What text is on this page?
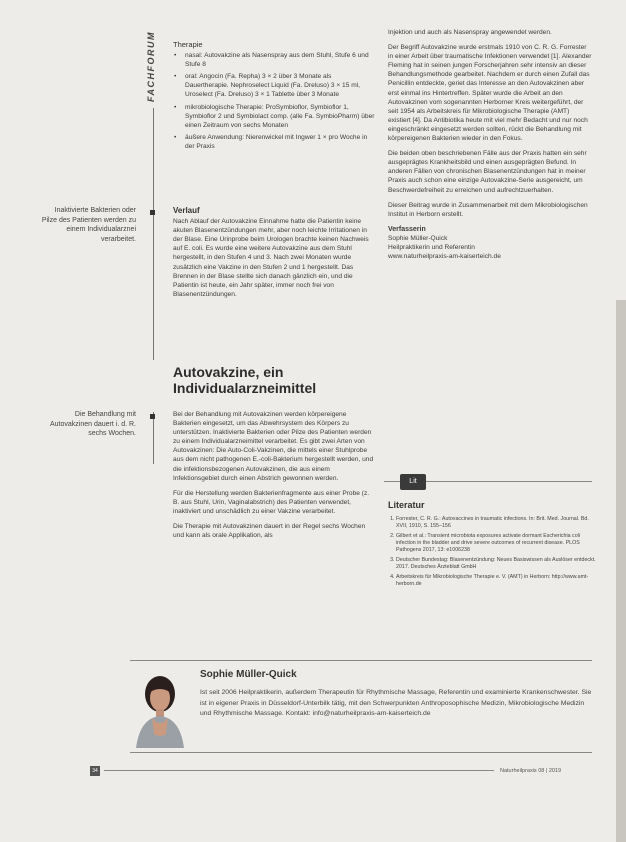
FACHFORUM
Inaktivierte Bakterien oder Pilze des Patienten werden zu einem Individualarznei verarbeitet.
Die Behandlung mit Autovakzinen dauert i. d. R. sechs Wochen.
Therapie
• nasal: Autovakzine als Nasenspray aus dem Stuhl, Stufe 6 und Stufe 8
• oral: Angocin (Fa. Repha) 3 × 2 über 3 Monate als Dauertherapie. Nephroselect Liquid (Fa. Dreluso) 3 × 15 ml, Uroselect (Fa. Dreluso) 3 × 1 Tablette über 3 Monate
• mikrobiologische Therapie: ProSymbioflor, Symbioflor 1, Symbioflor 2 und Symbiolact comp. (alle Fa. SymbioPharm) über einen Zeitraum von sechs Monaten
• äußere Anwendung: Nierenwickel mit Ingwer 1 × pro Woche in der Praxis
Verlauf

Nach Ablauf der Autovakzine Einnahme hatte die Patientin keine akuten Blasenentzündungen mehr, aber noch leichte Irritationen in der Blase. Eine Urinprobe beim Urologen brachte keinen Nachweis auf E. coli. Es wurde eine weitere Autovakzine aus dem Stuhl hergestellt, in den Stufen 4 und 3. Nach zwei Monaten wurde zusätzlich eine Vakzine in den Stufen 2 und 1 hergestellt. Das Brennen in der Blase stellte sich danach gänzlich ein, und die Patientin ist heute, ein Jahr später, immer noch frei von Blasenentzündungen.

Autovakzine, ein Individualarzneimittel

Bei der Behandlung mit Autovakzinen werden körpereigene Bakterien eingesetzt, um das Abwehrsystem des Körpers zu unterstützen. Inaktivierte Bakterien oder Pilze des Patienten werden zu einem Individualarzneimittel verarbeitet. Es gibt zwei Arten von Autovakzinen: Die Auto-Coli-Vakzinen, die mittels einer Stuhlprobe aus dem nicht pathogenen E.-coli-Bakterium hergestellt werden, und die infektionsbezogenen Autovakzinen, die aus einem Infektionsgebiet durch einen Abstrich gewonnen werden.

Für die Herstellung werden Bakterienfragmente aus einer Probe (z. B. aus Stuhl, Urin, Vaginalabstrich) des Patienten verwendet, inaktiviert und unschädlich zu einer Vakzine verarbeitet.

Die Therapie mit Autovakzinen dauert in der Regel sechs Wochen und kann als orale Applikation, als

Injektion und auch als Nasenspray angewendet werden.

Der Begriff Autovakzine wurde erstmals 1910 von C. R. G. Forrester in einer Arbeit über traumatische Infektionen verwendet [1]. Alexander Fleming hat in seinen jungen Forscherjahren sehr intensiv an dieser Behandlungsmethode gearbeitet. Nachdem er durch einen Zufall das Penicillin entdeckte, geriet das Interesse an den Autovakzinen aber erst einmal ins Hintertreffen. Später wurde die Arbeit an den Autovakzinen vom sogenannten Herborner Kreis weitergeführt, der seit 1954 als Arbeitskreis für Mikrobiologische Therapie (AMT) existiert [4]. Da Antibiotika heute mit viel mehr Bedacht und nur noch eingeschränkt eingesetzt werden sollten, rückt die Behandlung mit körpereigenen Bakterien wieder in den Fokus.

Die beiden oben beschriebenen Fälle aus der Praxis hatten ein sehr ausgeprägtes Krankheitsbild und einen ausgeprägten Befund. In anderen Fällen von chronischen Blasenentzündungen hat in meiner Praxis auch schon eine einzige Autovakzine-Serie ausgereicht, um Beschwerdefreiheit zu erreichen und aufrechtzuerhalten.

Dieser Beitrag wurde in Zusammenarbeit mit dem Mikrobiologischen Institut in Herborn erstellt.

Verfasserin
Sophie Müller-Quick
Heilpraktikerin und Referentin
www.naturheilpraxis-am-kaiserteich.de
Lit
Literatur
1. Forrester, C. R. G.: Autovaccines in traumatic infections. In: Brit. Med. Journal. Bd. XVII, 1910, S. 155–156
2. Gilbert et al.: Transient microbiota exposures activate dormant Escherichia coli infection in the bladder and drive severe outcomes of recurrent disease. PLOS Pathogens 2017, 13: e1006238
3. Deutscher Bundestag: Blasenentzündung: Neues Basiswissen als Auslöser entdeckt. 2017. Deutsches Ärzteblatt GmbH
4. Arbeitskreis für Mikrobiologische Therapie e. V. (AMT) in Herborn: http://www.amt-herborn.de
Sophie Müller-Quick
Ist seit 2006 Heilpraktikerin, außerdem Therapeutin für Rhythmische Massage, Referentin und examinierte Krankenschwester. Sie ist in eigener Praxis in Düsseldorf-Unterbilk tätig, mit den Schwerpunkten Anthroposophische Medizin, Mikrobiologische Medizin und Rhythmische Massage. Kontakt: info@naturheilpraxis-am-kaiserteich.de
34	Naturheilpraxis 08 | 2019
